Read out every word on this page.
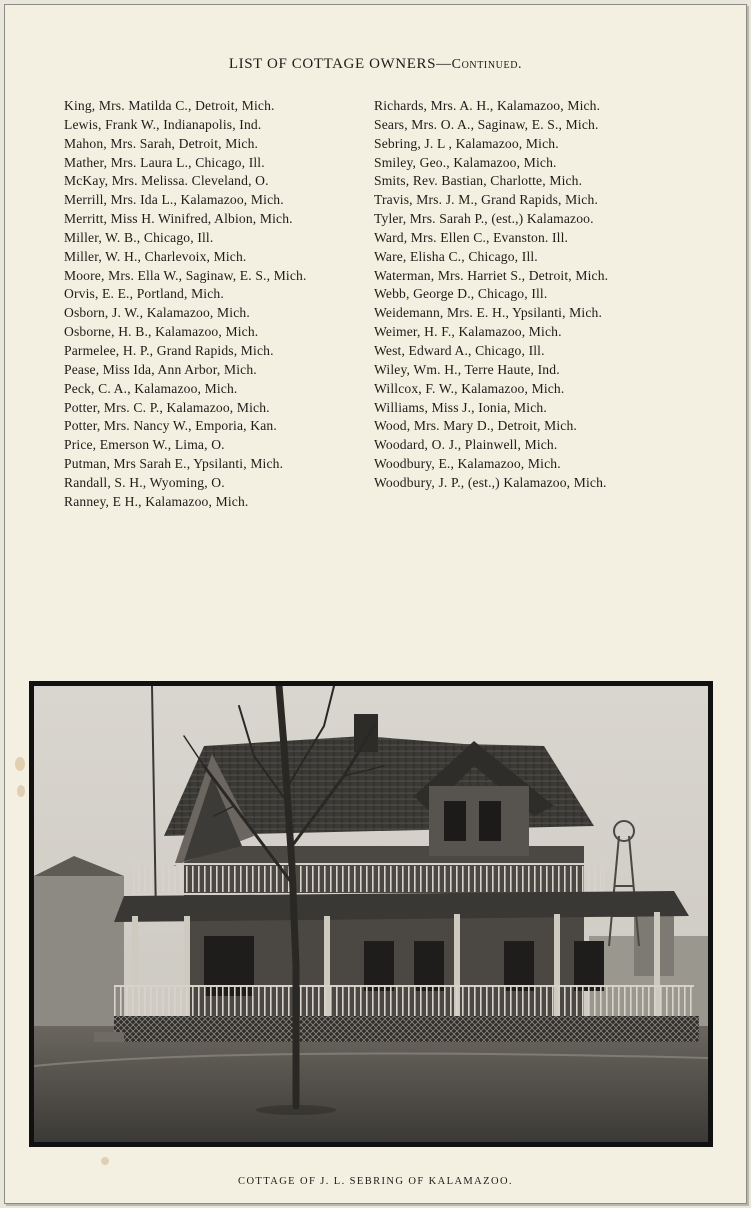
LIST OF COTTAGE OWNERS—Continued.
King, Mrs. Matilda C., Detroit, Mich.
Lewis, Frank W., Indianapolis, Ind.
Mahon, Mrs. Sarah, Detroit, Mich.
Mather, Mrs. Laura L., Chicago, Ill.
McKay, Mrs. Melissa. Cleveland, O.
Merrill, Mrs. Ida L., Kalamazoo, Mich.
Merritt, Miss H. Winifred, Albion, Mich.
Miller, W. B., Chicago, Ill.
Miller, W. H., Charlevoix, Mich.
Moore, Mrs. Ella W., Saginaw, E. S., Mich.
Orvis, E. E., Portland, Mich.
Osborn, J. W., Kalamazoo, Mich.
Osborne, H. B., Kalamazoo, Mich.
Parmelee, H. P., Grand Rapids, Mich.
Pease, Miss Ida, Ann Arbor, Mich.
Peck, C. A., Kalamazoo, Mich.
Potter, Mrs. C. P., Kalamazoo, Mich.
Potter, Mrs. Nancy W., Emporia, Kan.
Price, Emerson W., Lima, O.
Putman, Mrs Sarah E., Ypsilanti, Mich.
Randall, S. H., Wyoming, O.
Ranney, E H., Kalamazoo, Mich.
Richards, Mrs. A. H., Kalamazoo, Mich.
Sears, Mrs. O. A., Saginaw, E. S., Mich.
Sebring, J. L , Kalamazoo, Mich.
Smiley, Geo., Kalamazoo, Mich.
Smits, Rev. Bastian, Charlotte, Mich.
Travis, Mrs. J. M., Grand Rapids, Mich.
Tyler, Mrs. Sarah P., (est.,) Kalamazoo.
Ward, Mrs. Ellen C., Evanston. Ill.
Ware, Elisha C., Chicago, Ill.
Waterman, Mrs. Harriet S., Detroit, Mich.
Webb, George D., Chicago, Ill.
Weidemann, Mrs. E. H., Ypsilanti, Mich.
Weimer, H. F., Kalamazoo, Mich.
West, Edward A., Chicago, Ill.
Wiley, Wm. H., Terre Haute, Ind.
Willcox, F. W., Kalamazoo, Mich.
Williams, Miss J., Ionia, Mich.
Wood, Mrs. Mary D., Detroit, Mich.
Woodard, O. J., Plainwell, Mich.
Woodbury, E., Kalamazoo, Mich.
Woodbury, J. P., (est.,) Kalamazoo, Mich.
COTTAGE OF J. L. SEBRING OF KALAMAZOO.
